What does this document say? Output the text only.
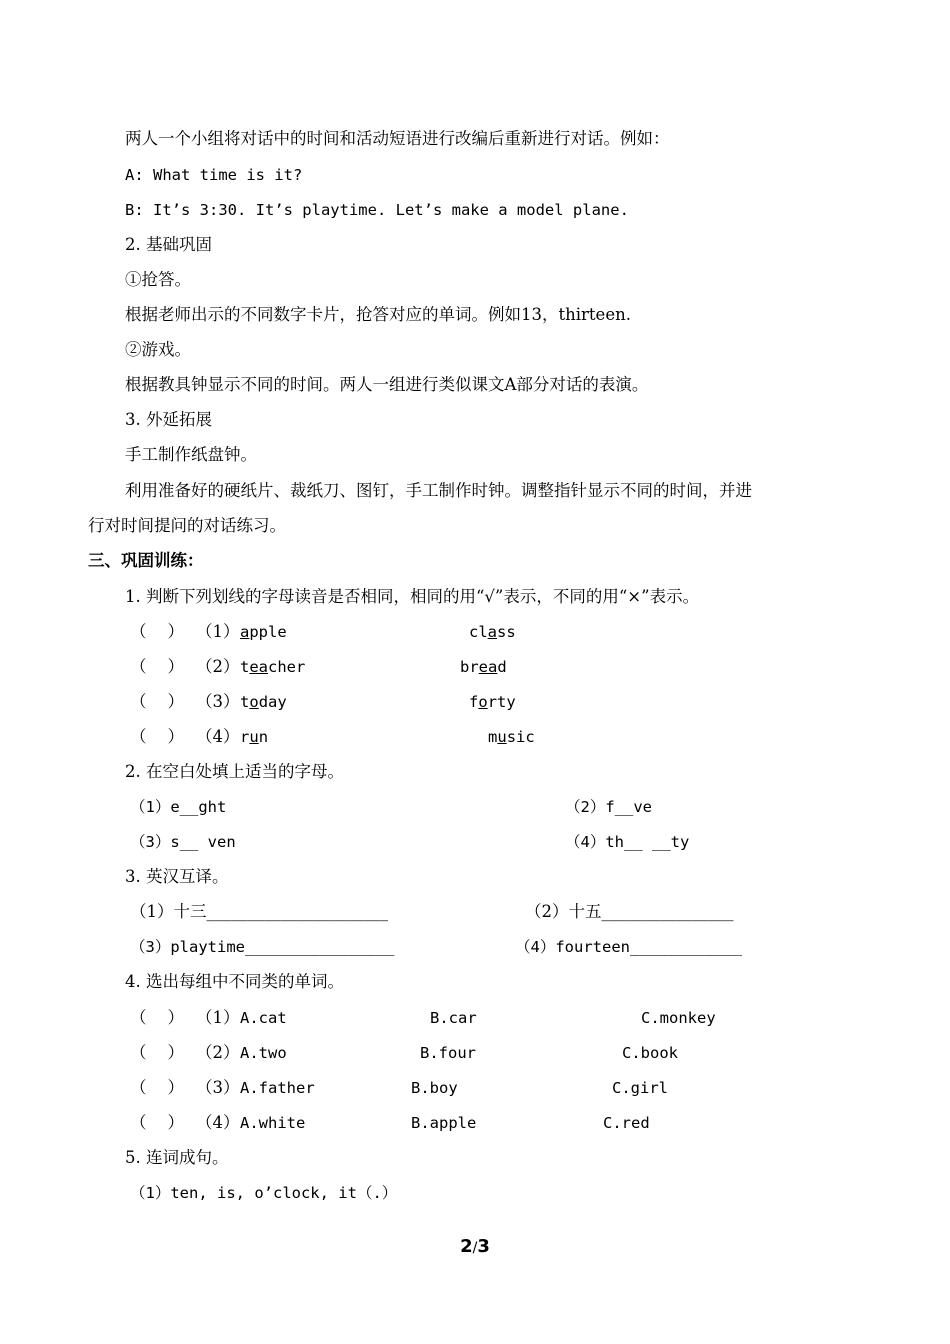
两人一个小组将对话中的时间和活动短语进行改编后重新进行对话。例如：
A: What time is it?
B: It’s 3:30. It’s playtime. Let’s make a model plane.
2. 基础巩固
①抢答。
根据老师出示的不同数字卡片，抢答对应的单词。例如13，thirteen.
②游戏。
根据教具钟显示不同的时间。两人一组进行类似课文A部分对话的表演。
3. 外延拓展
手工制作纸盘钟。
利用准备好的硬纸片、裁纸刀、图钉，手工制作时钟。调整指针显示不同的时间，并进
行对时间提问的对话练习。
三、巩固训练：
1. 判断下列划线的字母读音是否相同，相同的用“√”表示，不同的用“×”表示。
（    ） （1） apple	class
（    ） （2） teacher	bread
（    ） （3） today	forty
（    ） （4） run	music
2. 在空白处填上适当的字母。
（1）e__ght	（2）f__ve
（3）s__ ven	（4）th__ __ty
3. 英汉互译。
（1）十三______________________	（2）十五________________
（3）playtime________________	（4）fourteen____________
4. 选出每组中不同类的单词。
（    ） （1） A.cat	B.car	C.monkey
（    ） （2） A.two	B.four	C.book
（    ） （3） A.father	B.boy	C.girl
（    ） （4） A.white	B.apple	C.red
5. 连词成句。
（1）ten, is, o’clock, it（.）
2/3
